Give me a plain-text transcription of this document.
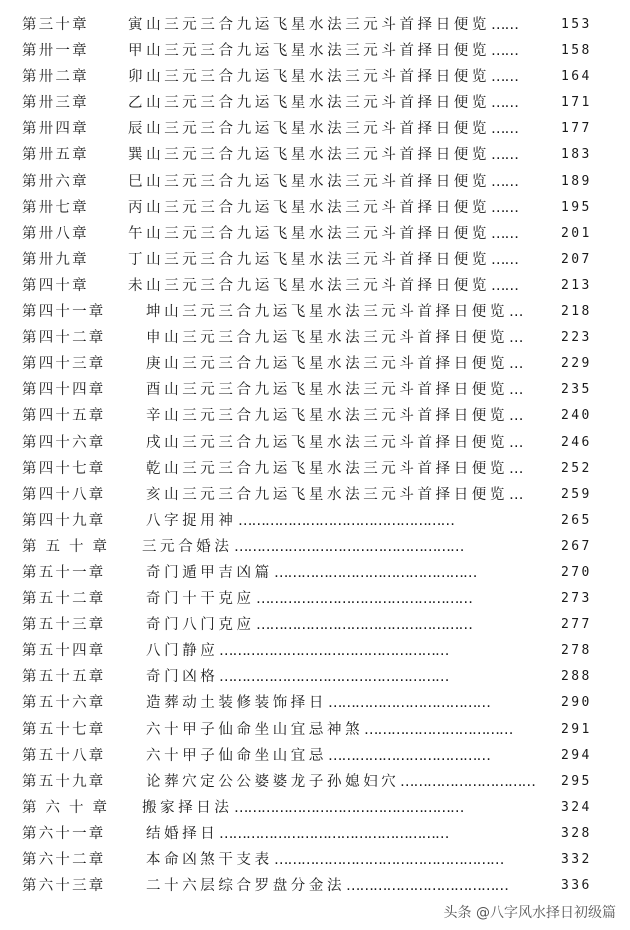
第三十章	寅山三元三合九运飞星水法三元斗首择日便览 ……	153
第卅一章	甲山三元三合九运飞星水法三元斗首择日便览 ……	158
第卅二章	卯山三元三合九运飞星水法三元斗首择日便览 ……	164
第卅三章	乙山三元三合九运飞星水法三元斗首择日便览 ……	171
第卅四章	辰山三元三合九运飞星水法三元斗首择日便览 ……	177
第卅五章	巽山三元三合九运飞星水法三元斗首择日便览 ……	183
第卅六章	巳山三元三合九运飞星水法三元斗首择日便览 ……	189
第卅七章	丙山三元三合九运飞星水法三元斗首择日便览 ……	195
第卅八章	午山三元三合九运飞星水法三元斗首择日便览 ……	201
第卅九章	丁山三元三合九运飞星水法三元斗首择日便览 ……	207
第四十章	未山三元三合九运飞星水法三元斗首择日便览 ……	213
第四十一章	坤山三元三合九运飞星水法三元斗首择日便览 …	218
第四十二章	申山三元三合九运飞星水法三元斗首择日便览 …	223
第四十三章	庚山三元三合九运飞星水法三元斗首择日便览 …	229
第四十四章	酉山三元三合九运飞星水法三元斗首择日便览 …	235
第四十五章	辛山三元三合九运飞星水法三元斗首择日便览 …	240
第四十六章	戌山三元三合九运飞星水法三元斗首择日便览 …	246
第四十七章	乾山三元三合九运飞星水法三元斗首择日便览 …	252
第四十八章	亥山三元三合九运飞星水法三元斗首择日便览 …	259
第四十九章	八字捉用神 …………………………………………	265
第 五 十 章 三元合婚法 ……………………………………………	267
第五十一章	奇门遁甲吉凶篇 ………………………………………	270
第五十二章	奇门十干克应 …………………………………………	273
第五十三章	奇门八门克应 …………………………………………	277
第五十四章	八门静应 ……………………………………………	278
第五十五章	奇门凶格 ……………………………………………	288
第五十六章	造葬动土装修装饰择日 ………………………………	290
第五十七章	六十甲子仙命坐山宜忌神煞 ……………………………	291
第五十八章	六十甲子仙命坐山宜忌 ………………………………	294
第五十九章	论葬穴定公公婆婆龙子孙媳妇穴 ………………………… 295
第 六 十 章 搬家择日法 ……………………………………………	324
第六十一章	结婚择日 ……………………………………………	328
第六十二章	本命凶煞干支表 ……………………………………………	332
第六十三章	二十六层综合罗盘分金法 ………………………………	336
头条 @八字风水择日初级篇
